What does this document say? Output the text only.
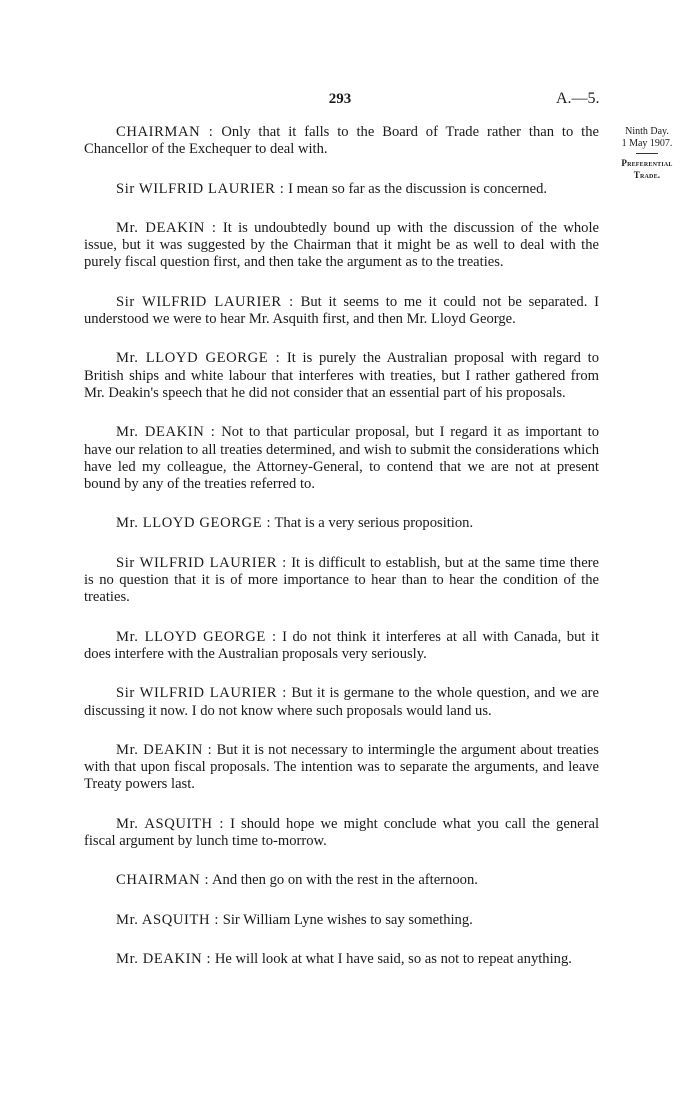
293	A.—5.
Ninth Day.
1 May 1907.
Preferential
Trade.

CHAIRMAN : Only that it falls to the Board of Trade rather than to the Chancellor of the Exchequer to deal with.

Sir WILFRID LAURIER : I mean so far as the discussion is concerned.

Mr. DEAKIN : It is undoubtedly bound up with the discussion of the whole issue, but it was suggested by the Chairman that it might be as well to deal with the purely fiscal question first, and then take the argument as to the treaties.

Sir WILFRID LAURIER : But it seems to me it could not be separated. I understood we were to hear Mr. Asquith first, and then Mr. Lloyd George.

Mr. LLOYD GEORGE : It is purely the Australian proposal with regard to British ships and white labour that interferes with treaties, but I rather gathered from Mr. Deakin's speech that he did not consider that an essential part of his proposals.

Mr. DEAKIN : Not to that particular proposal, but I regard it as important to have our relation to all treaties determined, and wish to submit the considerations which have led my colleague, the Attorney-General, to contend that we are not at present bound by any of the treaties referred to.

Mr. LLOYD GEORGE : That is a very serious proposition.

Sir WILFRID LAURIER : It is difficult to establish, but at the same time there is no question that it is of more importance to hear than to hear the condition of the treaties.

Mr. LLOYD GEORGE : I do not think it interferes at all with Canada, but it does interfere with the Australian proposals very seriously.

Sir WILFRID LAURIER : But it is germane to the whole question, and we are discussing it now. I do not know where such proposals would land us.

Mr. DEAKIN : But it is not necessary to intermingle the argument about treaties with that upon fiscal proposals. The intention was to separate the arguments, and leave Treaty powers last.

Mr. ASQUITH : I should hope we might conclude what you call the general fiscal argument by lunch time to-morrow.

CHAIRMAN : And then go on with the rest in the afternoon.

Mr. ASQUITH : Sir William Lyne wishes to say something.

Mr. DEAKIN : He will look at what I have said, so as not to repeat anything.
